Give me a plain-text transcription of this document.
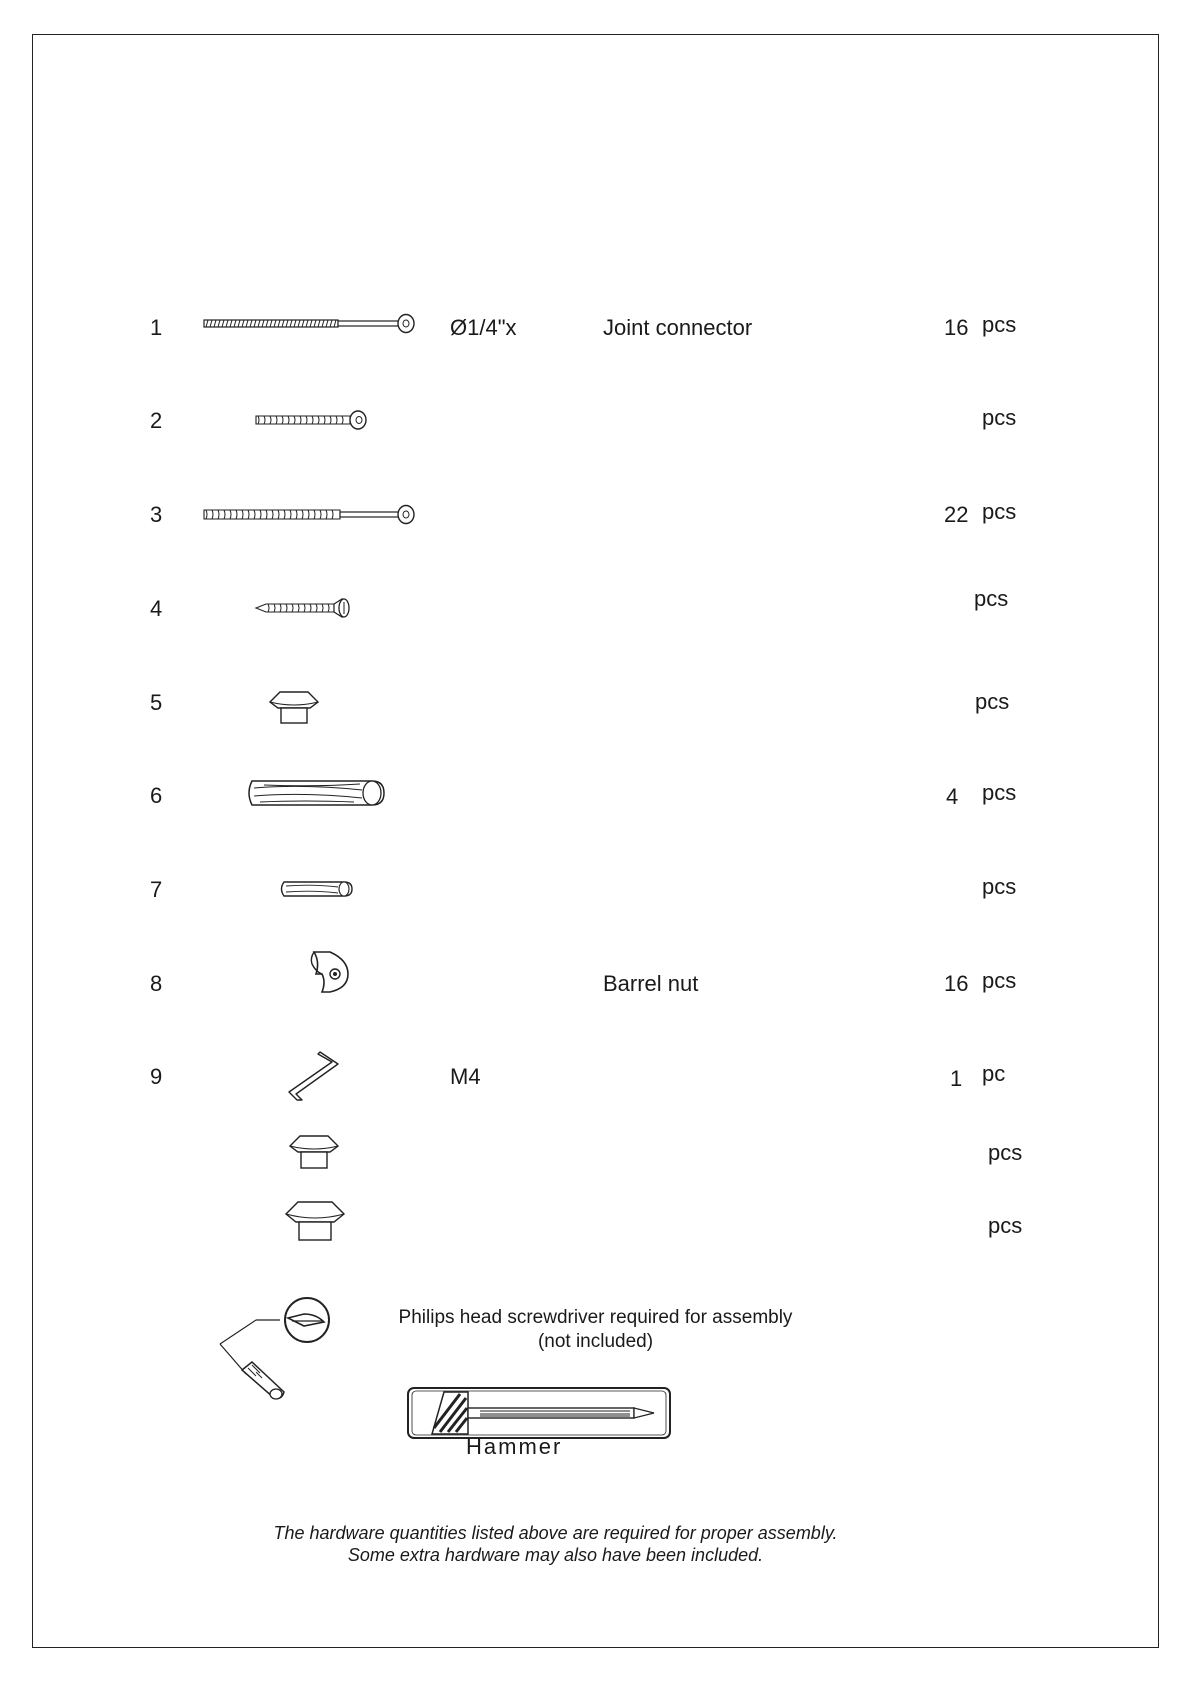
1	Ø1/4"x	Joint connector	16 pcs
2	pcs
3	22 pcs
4	pcs
5	pcs
6	4 pcs
7	pcs
8	Barrel nut	16 pcs
9	M4	1 pc
pcs
pcs
Philips head screwdriver required for assembly
(not included)
Hammer
The hardware quantities listed above are required for proper assembly.
Some extra hardware may also have been included.
